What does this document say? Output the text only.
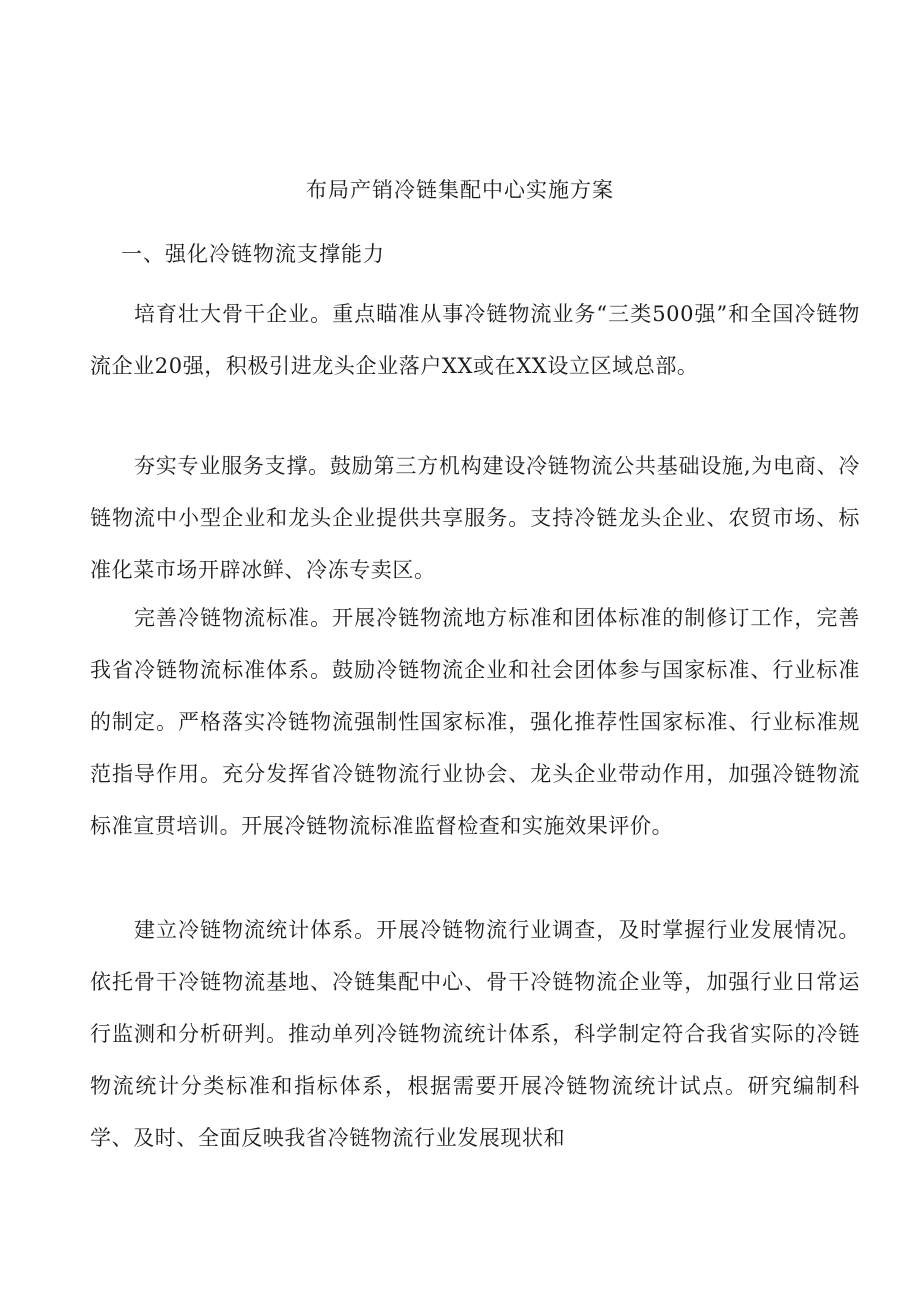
布局产销冷链集配中心实施方案
一、强化冷链物流支撑能力

培育壮大骨干企业。重点瞄准从事冷链物流业务“三类500强”和全国冷链物流企业20强，积极引进龙头企业落户XX或在XX设立区域总部。

夯实专业服务支撑。鼓励第三方机构建设冷链物流公共基础设施,为电商、冷链物流中小型企业和龙头企业提供共享服务。支持冷链龙头企业、农贸市场、标准化菜市场开辟冰鲜、冷冻专卖区。

完善冷链物流标准。开展冷链物流地方标准和团体标准的制修订工作，完善我省冷链物流标准体系。鼓励冷链物流企业和社会团体参与国家标准、行业标准的制定。严格落实冷链物流强制性国家标准，强化推荐性国家标准、行业标准规范指导作用。充分发挥省冷链物流行业协会、龙头企业带动作用，加强冷链物流标准宣贯培训。开展冷链物流标准监督检查和实施效果评价。

建立冷链物流统计体系。开展冷链物流行业调查，及时掌握行业发展情况。依托骨干冷链物流基地、冷链集配中心、骨干冷链物流企业等，加强行业日常运行监测和分析研判。推动单列冷链物流统计体系，科学制定符合我省实际的冷链物流统计分类标准和指标体系，根据需要开展冷链物流统计试点。研究编制科学、及时、全面反映我省冷链物流行业发展现状和
